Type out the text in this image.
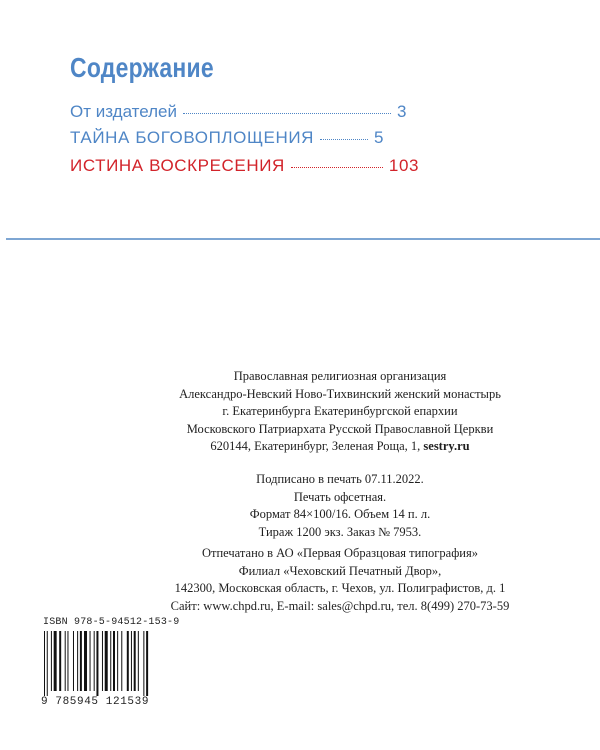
Содержание
От издателей	3
ТАЙНА БОГОВОПЛОЩЕНИЯ	5
ИСТИНА ВОСКРЕСЕНИЯ	103
Православная религиозная организация
Александро-Невский Ново-Тихвинский женский монастырь
г. Екатеринбурга Екатеринбургской епархии
Московского Патриархата Русской Православной Церкви
620144, Екатеринбург, Зеленая Роща, 1, sestry.ru
Подписано в печать 07.11.2022.
Печать офсетная.
Формат 84×100/16. Объем 14 п. л.
Тираж 1200 экз. Заказ № 7953.
Отпечатано в АО «Первая Образцовая типография»
Филиал «Чеховский Печатный Двор»,
142300, Московская область, г. Чехов, ул. Полиграфистов, д. 1
Сайт: www.chpd.ru, E-mail: sales@chpd.ru, тел. 8(499) 270-73-59
ISBN 978-5-94512-153-9
9 785945 121539
